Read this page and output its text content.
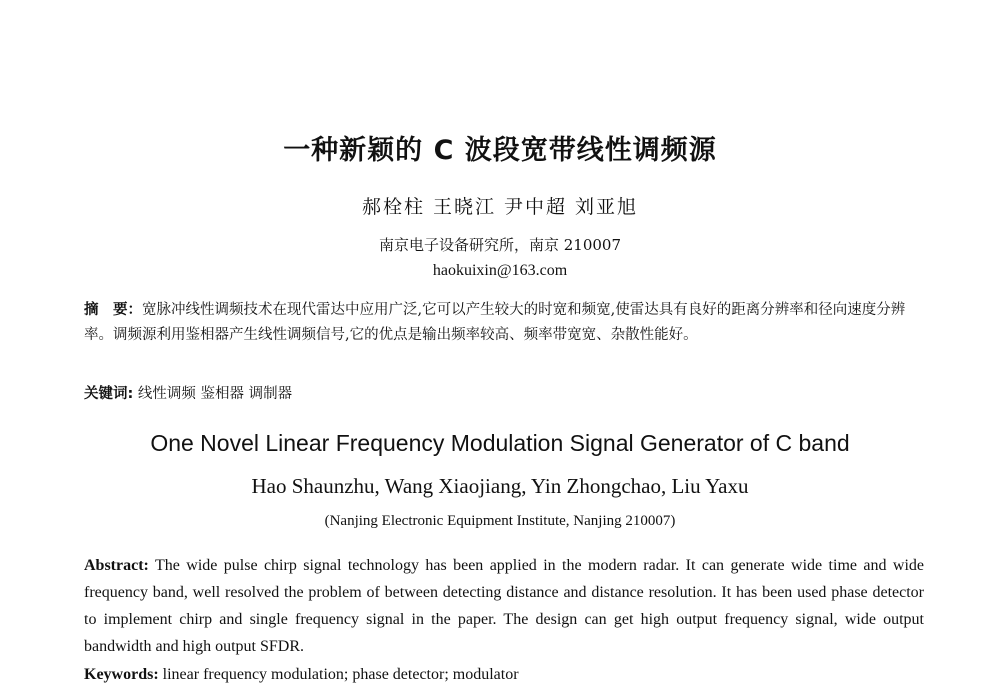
一种新颖的 C 波段宽带线性调频源
郝栓柱 王晓江 尹中超 刘亚旭
南京电子设备研究所，南京 210007
haokuixin@163.com
摘　要：宽脉冲线性调频技术在现代雷达中应用广泛,它可以产生较大的时宽和频宽,使雷达具有良好的距离分辨率和径向速度分辨率。调频源利用鉴相器产生线性调频信号,它的优点是输出频率较高、频率带宽宽、杂散性能好。
关键词: 线性调频 鉴相器 调制器
One Novel Linear Frequency Modulation Signal Generator of C band
Hao Shaunzhu, Wang Xiaojiang, Yin Zhongchao, Liu Yaxu
(Nanjing Electronic Equipment Institute, Nanjing 210007)
Abstract: The wide pulse chirp signal technology has been applied in the modern radar. It can generate wide time and wide frequency band, well resolved the problem of between detecting distance and distance resolution. It has been used phase detector to implement chirp and single frequency signal in the paper. The design can get high output frequency signal, wide output bandwidth and high output SFDR.
Keywords: linear frequency modulation; phase detector; modulator
